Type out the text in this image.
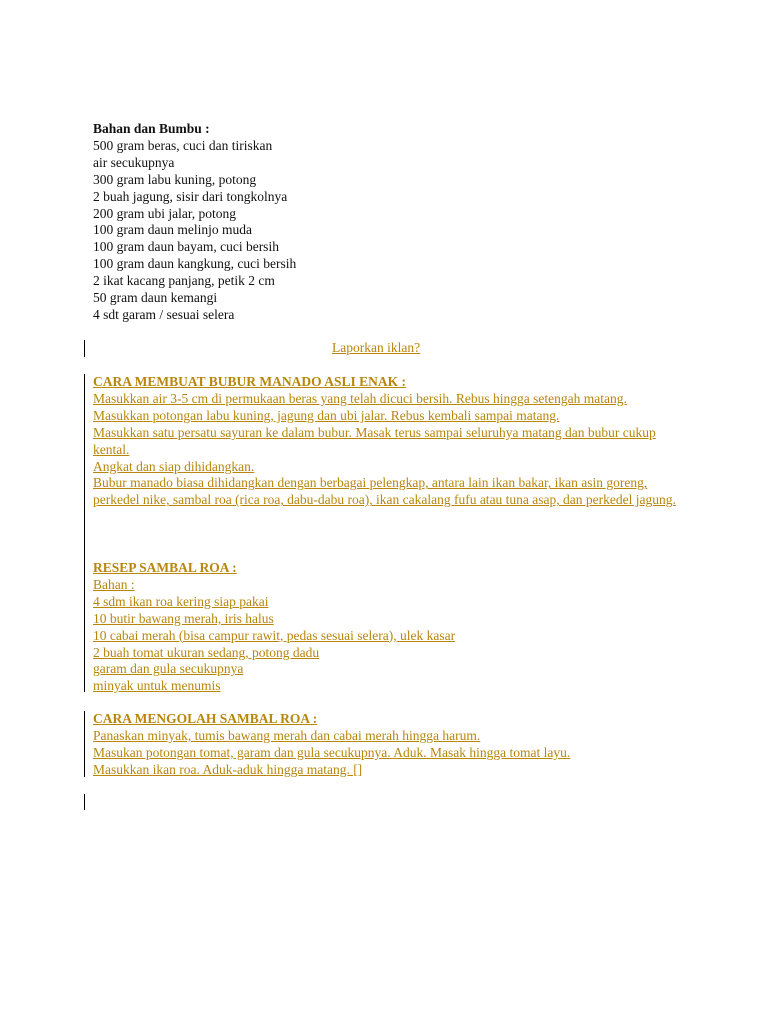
Bahan dan Bumbu :
500 gram beras, cuci dan tiriskan
air secukupnya
300 gram labu kuning, potong
2 buah jagung, sisir dari tongkolnya
200 gram ubi jalar, potong
100 gram daun melinjo muda
100 gram daun bayam, cuci bersih
100 gram daun kangkung, cuci bersih
2 ikat kacang panjang, petik 2 cm
50 gram daun kemangi
4 sdt garam / sesuai selera
Laporkan iklan?
CARA MEMBUAT BUBUR MANADO ASLI ENAK :
Masukkan air 3-5 cm di permukaan beras yang telah dicuci bersih. Rebus hingga setengah matang.
Masukkan potongan labu kuning, jagung dan ubi jalar. Rebus kembali sampai matang.
Masukkan satu persatu sayuran ke dalam bubur. Masak terus sampai seluruhya matang dan bubur cukup kental.
Angkat dan siap dihidangkan.
Bubur manado biasa dihidangkan dengan berbagai pelengkap, antara lain ikan bakar, ikan asin goreng, perkedel nike, sambal roa (rica roa, dabu-dabu roa), ikan cakalang fufu atau tuna asap, dan perkedel jagung.
RESEP SAMBAL ROA :
Bahan :
4 sdm ikan roa kering siap pakai
10 butir bawang merah, iris halus
10 cabai merah (bisa campur rawit, pedas sesuai selera), ulek kasar
2 buah tomat ukuran sedang, potong dadu
garam dan gula secukupnya
minyak untuk menumis
CARA MENGOLAH SAMBAL ROA :
Panaskan minyak, tumis bawang merah dan cabai merah hingga harum.
Masukan potongan tomat, garam dan gula secukupnya. Aduk. Masak hingga tomat layu.
Masukkan ikan roa. Aduk-aduk hingga matang. []
